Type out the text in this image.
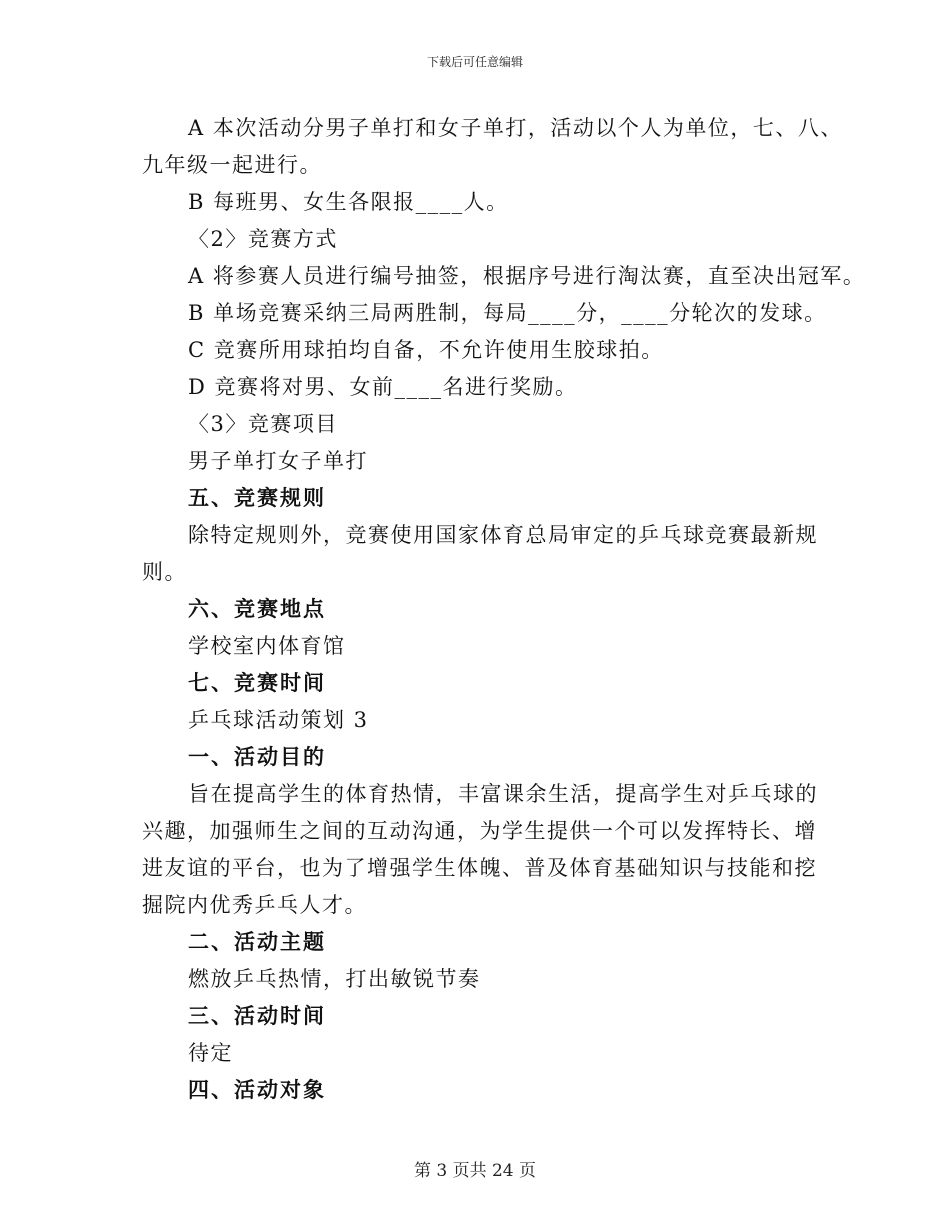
下载后可任意编辑
A 本次活动分男子单打和女子单打，活动以个人为单位，七、八、
九年级一起进行。
B 每班男、女生各限报____人。
〈2〉竞赛方式
A 将参赛人员进行编号抽签，根据序号进行淘汰赛，直至决出冠军。
B 单场竞赛采纳三局两胜制，每局____分，____分轮次的发球。
C 竞赛所用球拍均自备，不允许使用生胶球拍。
D 竞赛将对男、女前____名进行奖励。
〈3〉竞赛项目
男子单打女子单打
五、竞赛规则
除特定规则外，竞赛使用国家体育总局审定的乒乓球竞赛最新规
则。
六、竞赛地点
学校室内体育馆
七、竞赛时间
乒乓球活动策划 3
一、活动目的
旨在提高学生的体育热情，丰富课余生活，提高学生对乒乓球的
兴趣，加强师生之间的互动沟通，为学生提供一个可以发挥特长、增
进友谊的平台，也为了增强学生体魄、普及体育基础知识与技能和挖
掘院内优秀乒乓人才。
二、活动主题
燃放乒乓热情，打出敏锐节奏
三、活动时间
待定
四、活动对象
第 3 页共 24 页
